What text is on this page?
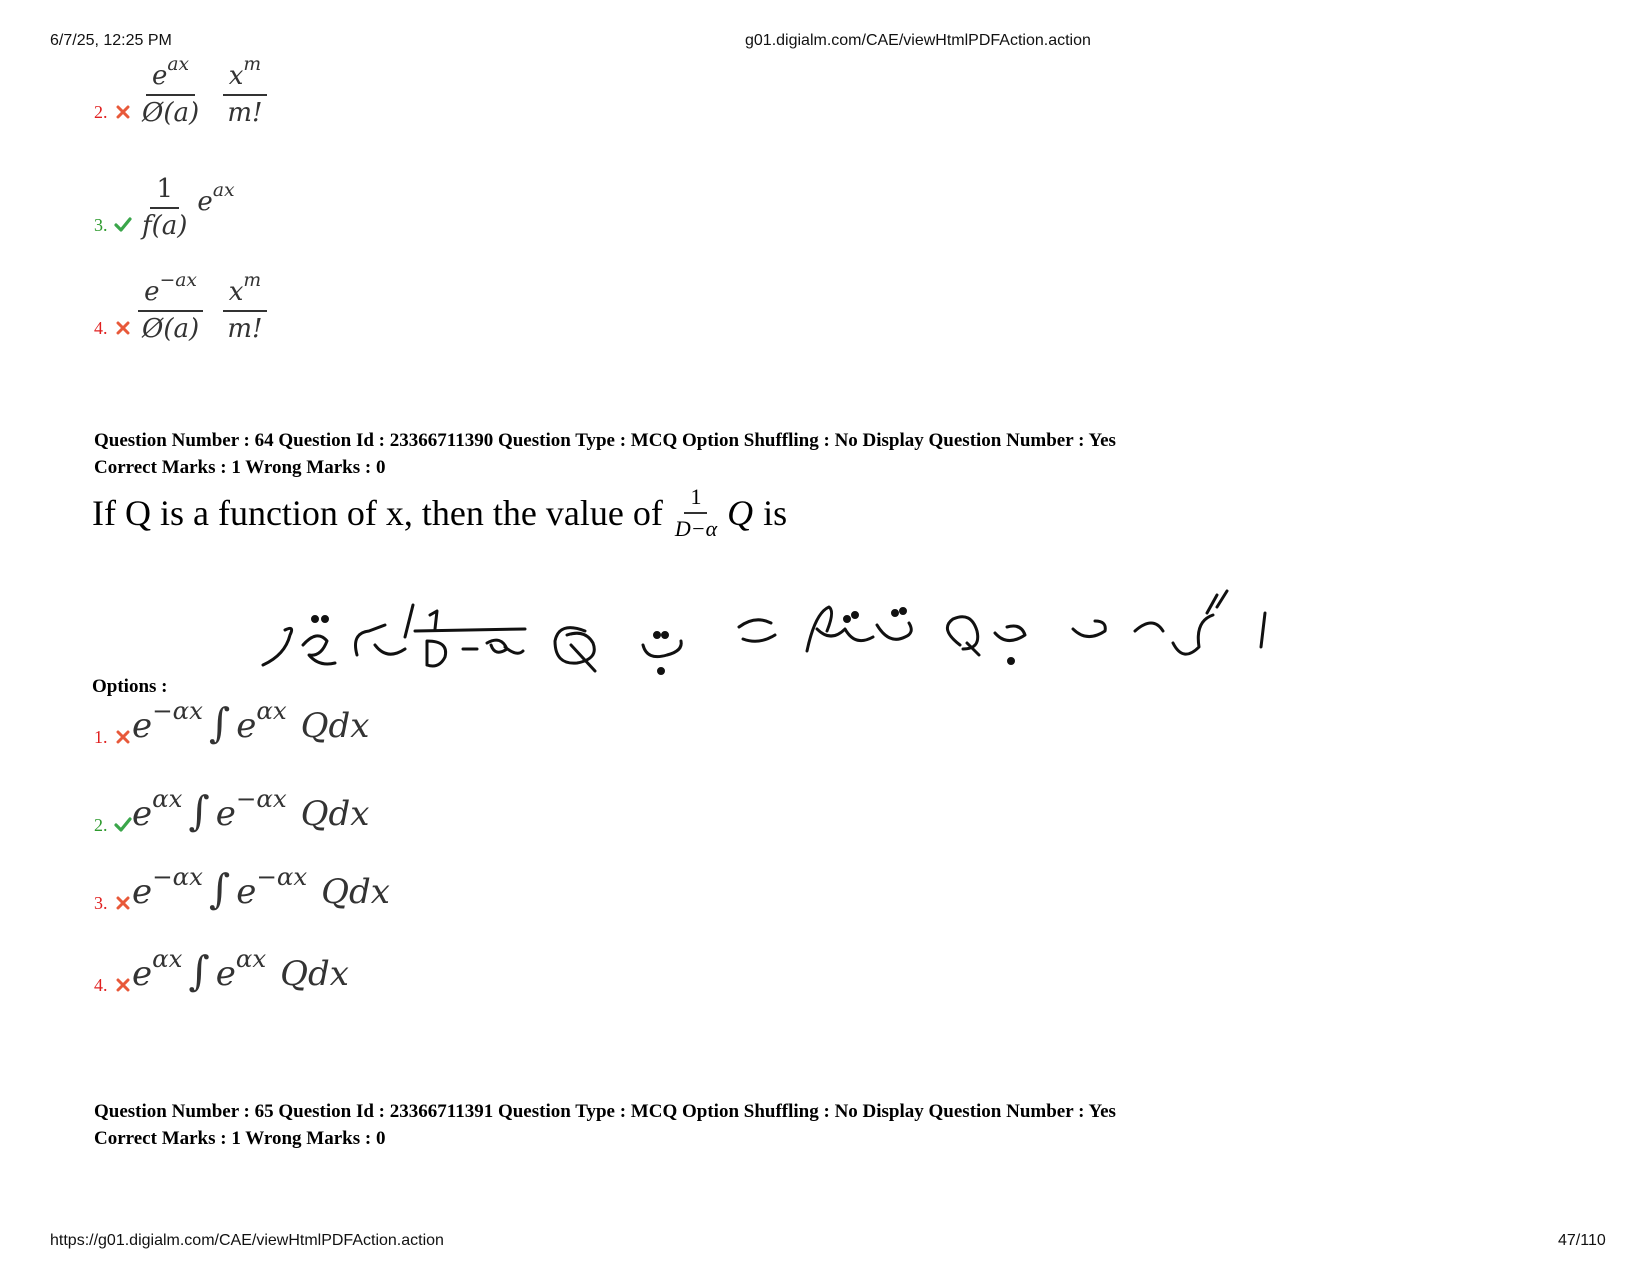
6/7/25, 12:25 PM	g01.digialm.com/CAE/viewHtmlPDFAction.action
https://g01.digialm.com/CAE/viewHtmlPDFAction.action	47/110
2. $\frac{e^{ax}}{Ø(a)}$
$\frac{x^m}{m!}$
3. $\frac{1}{f(a)} e^{ax}$
4. $\frac{e^{-ax}}{Ø(a)}$
$\frac{x^m}{m!}$
Question Number : 64 Question Id : 23366711390 Question Type : MCQ Option Shuffling : No Display Question Number : Yes
Correct Marks : 1 Wrong Marks : 0
If Q is a function of x, then the value of $\frac{1}{D-\alpha}$ Q is
Options :
1. $e^{-\alpha x}$ ∫ $e^{\alpha x}$ Qdx
2. $e^{\alpha x}$ ∫ $e^{-\alpha x}$ Qdx
3. $e^{-\alpha x}$ ∫ $e^{-\alpha x}$ Qdx
4. $e^{\alpha x}$ ∫ $e^{\alpha x}$ Qdx
Question Number : 65 Question Id : 23366711391 Question Type : MCQ Option Shuffling : No Display Question Number : Yes
Correct Marks : 1 Wrong Marks : 0
